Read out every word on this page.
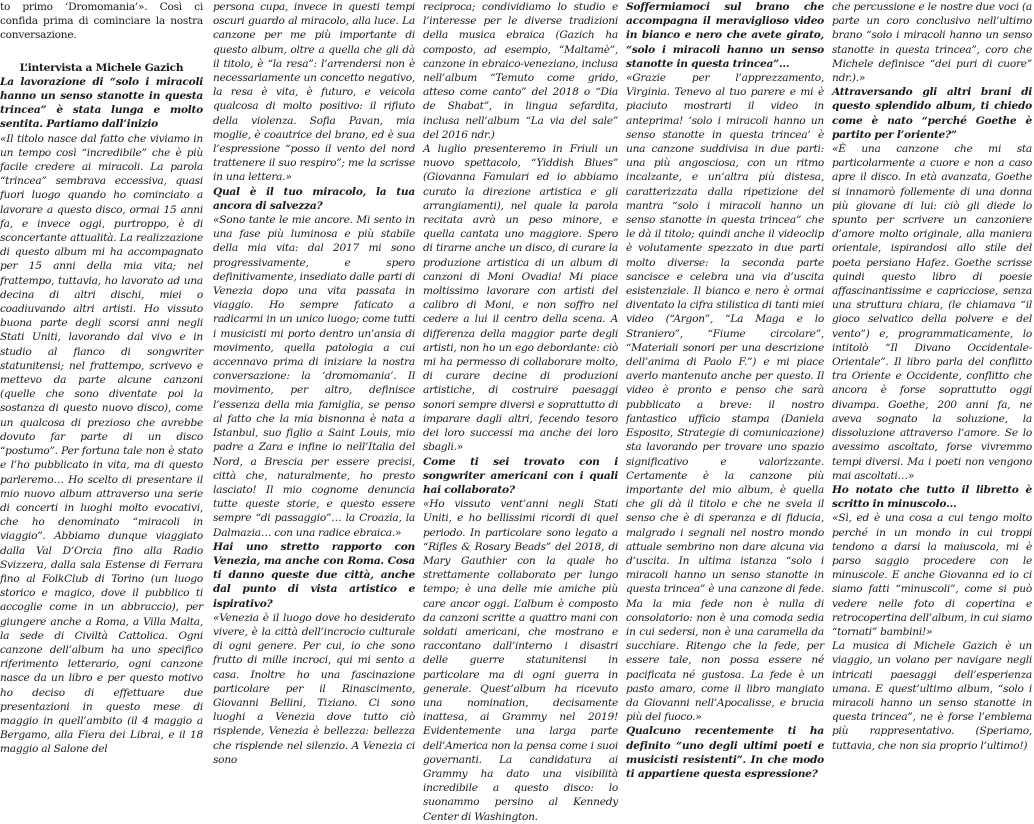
to primo ‘Dromomania’». Così ci confida prima di cominciare la nostra conversazione.

L’intervista a Michele Gazich

La lavorazione di “solo i miracoli hanno un senso stanotte in questa trincea” è stata lunga e molto sentita. Partiamo dall’inizio

«Il titolo nasce dal fatto che viviamo in un tempo così “incredibile” che è più facile credere ai miracoli. La parola “trincea” sembrava eccessiva, quasi fuori luogo quando ho cominciato a lavorare a questo disco, ormai 15 anni fa, e invece oggi, purtroppo, è di sconcertante attualità. La realizzazione di questo album mi ha accompagnato per 15 anni della mia vita; nel frattempo, tuttavia, ho lavorato ad una decina di altri dischi, miei o coadiuvando altri artisti. Ho vissuto buona parte degli scorsi anni negli Stati Uniti, lavorando dal vivo e in studio al fianco di songwriter statunitensi; nel frattempo, scrivevo e mettevo da parte alcune canzoni (quelle che sono diventate poi la sostanza di questo nuovo disco), come un qualcosa di prezioso che avrebbe dovuto far parte di un disco “postumo”. Per fortuna tale non è stato e l’ho pubblicato in vita, ma di questo parleremo… Ho scelto di presentare il mio nuovo album attraverso una serie di concerti in luoghi molto evocativi, che ho denominato “miracoli in viaggio”. Abbiamo dunque viaggiato dalla Val D’Orcia fino alla Radio Svizzera, dalla sala Estense di Ferrara fino al FolkClub di Torino (un luogo storico e magico, dove il pubblico ti accoglie come in un abbraccio), per giungere anche a Roma, a Villa Malta, la sede di Civiltà Cattolica. Ogni canzone dell’album ha uno specifico riferimento letterario, ogni canzone nasce da un libro e per questo motivo ho deciso di effettuare due presentazioni in questo mese di maggio in quell’ambito (il 4 maggio a Bergamo, alla Fiera dei Librai, e il 18 maggio al Salone del

persona cupa, invece in questi tempi oscuri guardo al miracolo, alla luce. La canzone per me più importante di questo album, oltre a quella che gli dà il titolo, è “la resa”: l’arrendersi non è necessariamente un concetto negativo, la resa è vita, è futuro, e veicola qualcosa di molto positivo: il rifiuto della violenza. Sofia Pavan, mia moglie, è coautrice del brano, ed è sua l’espressione “posso il vento del nord trattenere il suo respiro”; me la scrisse in una lettera.»

Qual è il tuo miracolo, la tua ancora di salvezza?

«Sono tante le mie ancore. Mi sento in una fase più luminosa e più stabile della mia vita: dal 2017 mi sono progressivamente, e spero definitivamente, insediato dalle parti di Venezia dopo una vita passata in viaggio. Ho sempre faticato a radicarmi in un unico luogo; come tutti i musicisti mi porto dentro un’ansia di movimento, quella patologia a cui accennavo prima di iniziare la nostra conversazione: la ‘dromomania’. Il movimento, per altro, definisce l’essenza della mia famiglia, se penso al fatto che la mia bisnonna è nata a Istanbul, suo figlio a Saint Louis, mio padre a Zara e infine io nell’Italia del Nord, a Brescia per essere precisi, città che, naturalmente, ho presto lasciato! Il mio cognome denuncia tutte queste storie, e questo essere sempre “di passaggio”… la Croazia, la Dalmazia… con una radice ebraica.»

Hai uno stretto rapporto con Venezia, ma anche con Roma. Cosa ti danno queste due città, anche dal punto di vista artistico e ispirativo?

«Venezia è il luogo dove ho desiderato vivere, è la città dell’incrocio culturale di ogni genere. Per cui, io che sono frutto di mille incroci, qui mi sento a casa. Inoltre ho una fascinazione particolare per il Rinascimento, Giovanni Bellini, Tiziano. Ci sono luoghi a Venezia dove tutto ciò risplende, Venezia è bellezza: bellezza che risplende nel silenzio. A Venezia ci sono

reciproca; condividiamo lo studio e l’interesse per le diverse tradizioni della musica ebraica (Gazich ha composto, ad esempio, “Maltamè”, canzone in ebraico-veneziano, inclusa nell’album “Temuto come grido, atteso come canto” del 2018 o “Dia de Shabat”, in lingua sefardita, inclusa nell’album “La via del sale” del 2016 ndr.)

A luglio presenteremo in Friuli un nuovo spettacolo, “Yiddish Blues” (Giovanna Famulari ed io abbiamo curato la direzione artistica e gli arrangiamenti), nel quale la parola recitata avrà un peso minore, e quella cantata uno maggiore. Spero di tirarne anche un disco, di curare la produzione artistica di un album di canzoni di Moni Ovadia! Mi piace moltissimo lavorare con artisti del calibro di Moni, e non soffro nel cedere a lui il centro della scena. A differenza della maggior parte degli artisti, non ho un ego debordante: ciò mi ha permesso di collaborare molto, di curare decine di produzioni artistiche, di costruire paesaggi sonori sempre diversi e soprattutto di imparare dagli altri, fecendo tesoro dei loro successi ma anche dei loro sbagli.»

Come ti sei trovato con i songwriter americani con i quali hai collaborato?

«Ho vissuto vent’anni negli Stati Uniti, e ho bellissimi ricordi di quel periodo. In particolare sono legato a “Rifles & Rosary Beads” del 2018, di Mary Gauthier con la quale ho strettamente collaborato per lungo tempo; è una delle mie amiche più care ancor oggi. L’album è composto da canzoni scritte a quattro mani con soldati americani, che mostrano e raccontano dall’interno i disastri delle guerre statunitensi in particolare ma di ogni guerra in generale. Quest’album ha ricevuto una nomination, decisamente inattesa, ai Grammy nel 2019! Evidentemente una larga parte dell’America non la pensa come i suoi governanti. La candidatura ai Grammy ha dato una visibilità incredibile a questo disco: lo suonammo persino al Kennedy Center di Washington.

Soffermiamoci sul brano che accompagna il meraviglioso video in bianco e nero che avete girato, “solo i miracoli hanno un senso stanotte in questa trincea”…

«Grazie per l’apprezzamento, Virginia. Tenevo al tuo parere e mi è piaciuto mostrarti il video in anteprima! ‘solo i miracoli hanno un senso stanotte in questa trincea’ è una canzone suddivisa in due parti: una più angosciosa, con un ritmo incalzante, e un’altra più distesa, caratterizzata dalla ripetizione del mantra “solo i miracoli hanno un senso stanotte in questa trincea” che le dà il titolo; quindi anche il videoclip è volutamente spezzato in due parti molto diverse: la seconda parte sancisce e celebra una via d’uscita esistenziale. Il bianco e nero è ormai diventato la cifra stilistica di tanti miei video (“Argon”, “La Maga e lo Straniero”, “Fiume circolare”, “Materiali sonori per una descrizione dell’anima di Paolo F.”) e mi piace averlo mantenuto anche per questo. Il video è pronto e penso che sarà pubblicato a breve: il nostro fantastico ufficio stampa (Daniela Esposito, Strategie di comunicazione) sta lavorando per trovare uno spazio significativo e valorizzante. Certamente è la canzone più importante del mio album, è quella che gli dà il titolo e che ne svela il senso che è di speranza e di fiducia, malgrado i segnali nel nostro mondo attuale sembrino non dare alcuna via d’uscita. In ultima istanza “solo i miracoli hanno un senso stanotte in questa trincea” è una canzone di fede. Ma la mia fede non è nulla di consolatorio: non è una comoda sedia in cui sedersi, non è una caramella da succhiare. Ritengo che la fede, per essere tale, non possa essere né pacificata né gustosa. La fede è un pasto amaro, come il libro mangiato da Giovanni nell’Apocalisse, e brucia più del fuoco.»

Qualcuno recentemente ti ha definito “uno degli ultimi poeti e musicisti resistenti”. In che modo ti appartiene questa espressione?

che percussione e le nostre due voci (a parte un coro conclusivo nell’ultimo brano “solo i miracoli hanno un senso stanotte in questa trincea”, coro che Michele definisce “dei puri di cuore” ndr.).»

Attraversando gli altri brani di questo splendido album, ti chiedo come è nato “perché Goethe è partito per l’oriente?”

«È una canzone che mi sta particolarmente a cuore e non a caso apre il disco. In età avanzata, Goethe si innamorò follemente di una donna più giovane di lui: ciò gli diede lo spunto per scrivere un canzoniere d’amore molto originale, alla maniera orientale, ispirandosi allo stile del poeta persiano Hafez. Goethe scrisse quindi questo libro di poesie affascinantissime e capricciose, senza una struttura chiara, (le chiamava “il gioco selvatico della polvere e del vento”) e, programmaticamente, lo intitolò “Il Divano Occidentale-Orientale”. Il libro parla del conflitto tra Oriente e Occidente, conflitto che ancora è forse soprattutto oggi divampa. Goethe, 200 anni fa, ne aveva sognato la soluzione, la dissoluzione attraverso l’amore. Se lo avessimo ascoltato, forse vivremmo tempi diversi. Ma i poeti non vengono mai ascoltati…»

Ho notato che tutto il libretto è scritto in minuscolo…

«Sì, ed è una cosa a cui tengo molto perché in un mondo in cui troppi tendono a darsi la maiuscola, mi è parso saggio procedere con le minuscole. E anche Giovanna ed io ci siamo fatti “minuscoli”, come si può vedere nelle foto di copertina e retrocopertina dell’album, in cui siamo “tornati” bambini!»

La musica di Michele Gazich è un viaggio, un volano per navigare negli intricati paesaggi dell’esperienza umana. E quest’ultimo album, “solo i miracoli hanno un senso stanotte in questa trincea”, ne è forse l’emblema più rappresentativo. (Speriamo, tuttavia, che non sia proprio l’ultimo!)
